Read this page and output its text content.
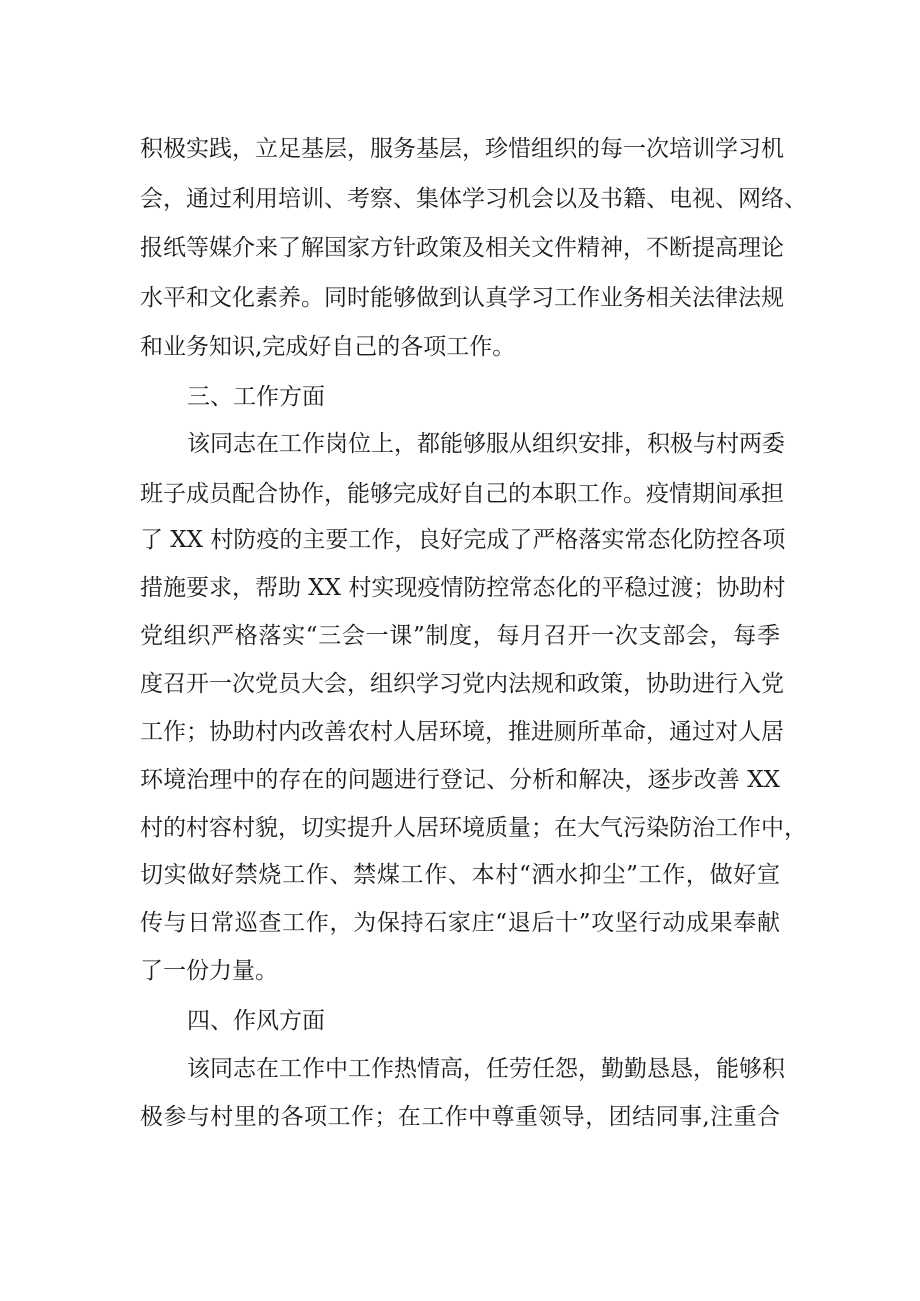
积极实践，立足基层，服务基层，珍惜组织的每一次培训学习机
会，通过利用培训、考察、集体学习机会以及书籍、电视、网络、
报纸等媒介来了解国家方针政策及相关文件精神，不断提高理论
水平和文化素养。同时能够做到认真学习工作业务相关法律法规
和业务知识,完成好自己的各项工作。
三、工作方面
该同志在工作岗位上，都能够服从组织安排，积极与村两委
班子成员配合协作，能够完成好自己的本职工作。疫情期间承担
了 XX 村防疫的主要工作，良好完成了严格落实常态化防控各项
措施要求，帮助 XX 村实现疫情防控常态化的平稳过渡；协助村
党组织严格落实“三会一课”制度，每月召开一次支部会，每季
度召开一次党员大会，组织学习党内法规和政策，协助进行入党
工作；协助村内改善农村人居环境，推进厕所革命，通过对人居
环境治理中的存在的问题进行登记、分析和解决，逐步改善 XX
村的村容村貌，切实提升人居环境质量；在大气污染防治工作中，
切实做好禁烧工作、禁煤工作、本村“洒水抑尘”工作，做好宣
传与日常巡查工作，为保持石家庄“退后十”攻坚行动成果奉献
了一份力量。
四、作风方面
该同志在工作中工作热情高，任劳任怨，勤勤恳恳，能够积
极参与村里的各项工作；在工作中尊重领导，团结同事,注重合
